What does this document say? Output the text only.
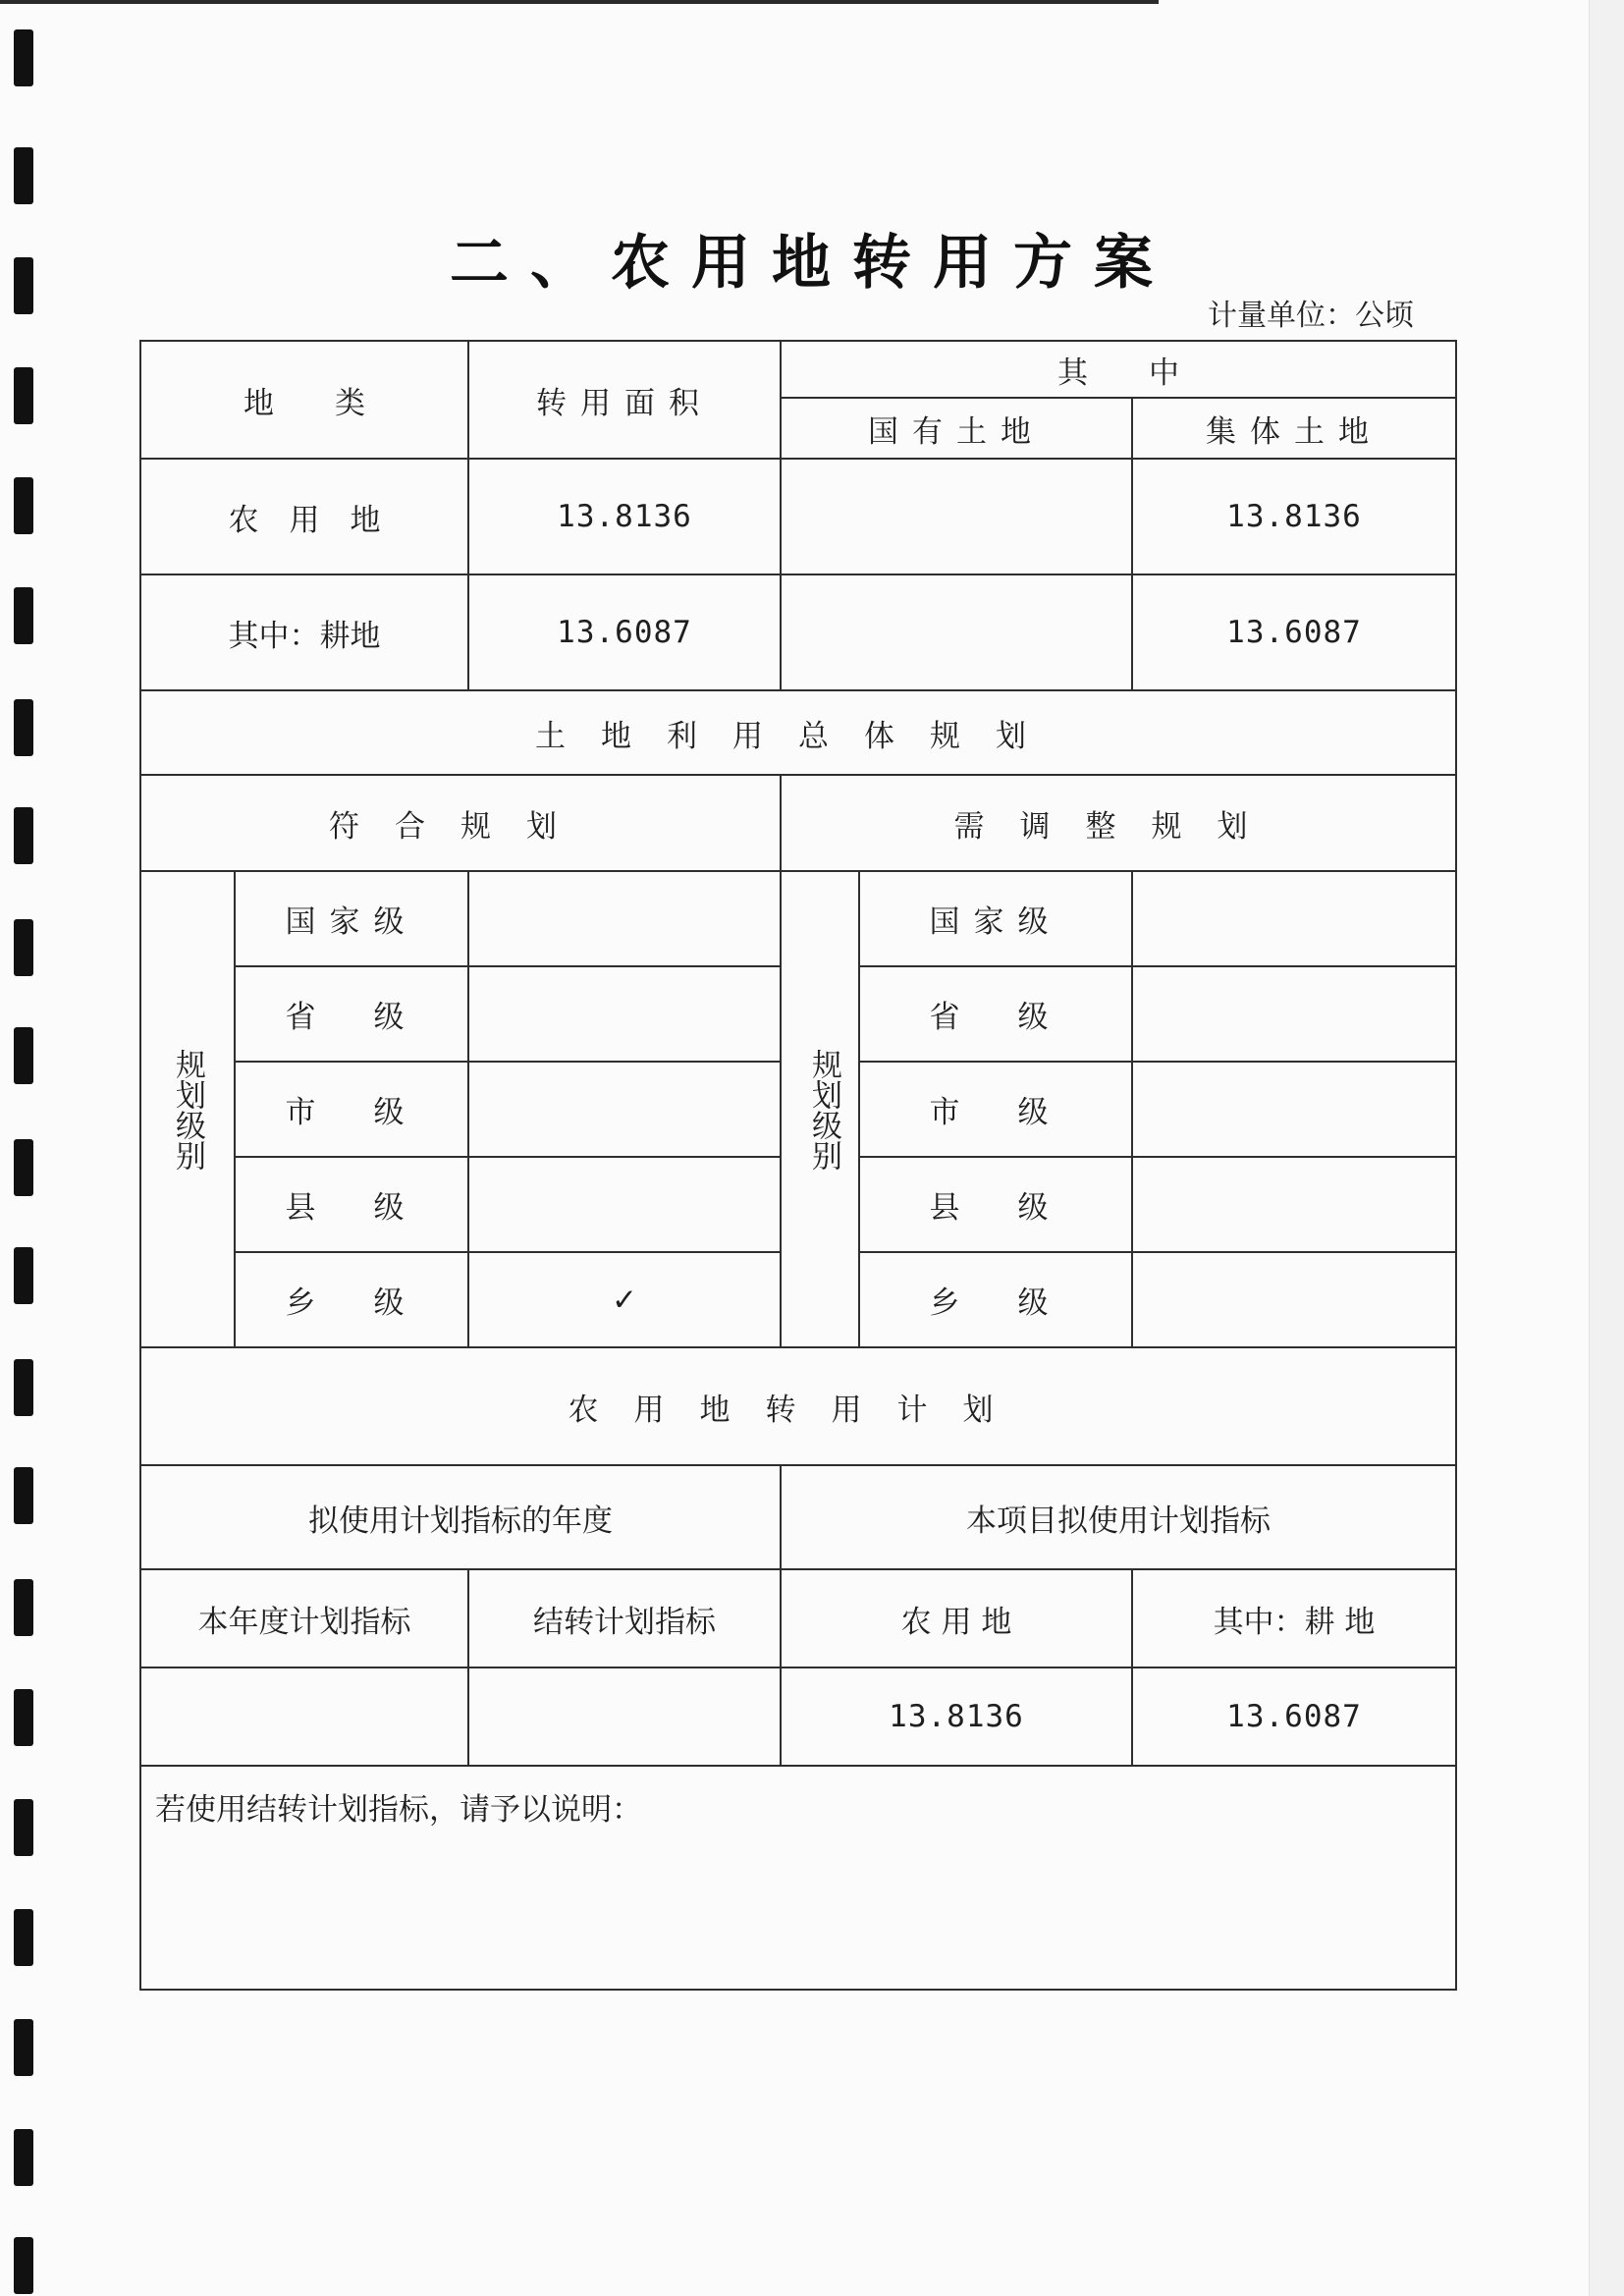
二、农用地转用方案
计量单位：公顷
地　　类		转用面积	其　　中		
			国有土地		集体土地
农　用　地		13.8136			13.8136
其中：耕地		13.6087			13.6087
土地利用总体规划					
符合规划			需调整规划		

规划级别	国家级		规划级别	国家级	
	省　级			省　级	
	市　级			市　级	
	县　级			县　级	
	乡　级	✓		乡　级	
农用地转用计划					
拟使用计划指标的年度			本项目拟使用计划指标		
本年度计划指标		结转计划指标	农 用 地		其中：耕 地
			13.8136		13.6087
若使用结转计划指标，请予以说明：					
